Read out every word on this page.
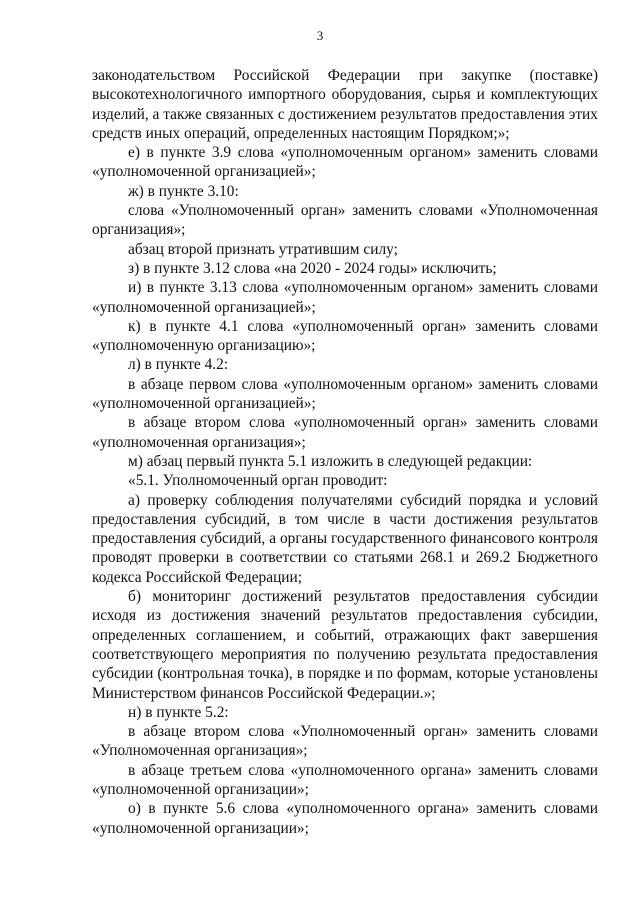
3

законодательством Российской Федерации при закупке (поставке) высокотехнологичного импортного оборудования, сырья и комплектующих изделий, а также связанных с достижением результатов предоставления этих средств иных операций, определенных настоящим Порядком;»;

е) в пункте 3.9 слова «уполномоченным органом» заменить словами «уполномоченной организацией»;

ж) в пункте 3.10:

слова «Уполномоченный орган» заменить словами «Уполномоченная организация»;

абзац второй признать утратившим силу;

з) в пункте 3.12 слова «на 2020 - 2024 годы» исключить;

и) в пункте 3.13 слова «уполномоченным органом» заменить словами «уполномоченной организацией»;

к) в пункте 4.1 слова «уполномоченный орган» заменить словами «уполномоченную организацию»;

л) в пункте 4.2:

в абзаце первом слова «уполномоченным органом» заменить словами «уполномоченной организацией»;

в абзаце втором слова «уполномоченный орган» заменить словами «уполномоченная организация»;

м) абзац первый пункта 5.1 изложить в следующей редакции:

«5.1. Уполномоченный орган проводит:

а) проверку соблюдения получателями субсидий порядка и условий предоставления субсидий, в том числе в части достижения результатов предоставления субсидий, а органы государственного финансового контроля проводят проверки в соответствии со статьями 268.1 и 269.2 Бюджетного кодекса Российской Федерации;

б) мониторинг достижений результатов предоставления субсидии исходя из достижения значений результатов предоставления субсидии, определенных соглашением, и событий, отражающих факт завершения соответствующего мероприятия по получению результата предоставления субсидии (контрольная точка), в порядке и по формам, которые установлены Министерством финансов Российской Федерации.»;

н) в пункте 5.2:

в абзаце втором слова «Уполномоченный орган» заменить словами «Уполномоченная организация»;

в абзаце третьем слова «уполномоченного органа» заменить словами «уполномоченной организации»;

о) в пункте 5.6 слова «уполномоченного органа» заменить словами «уполномоченной организации»;
